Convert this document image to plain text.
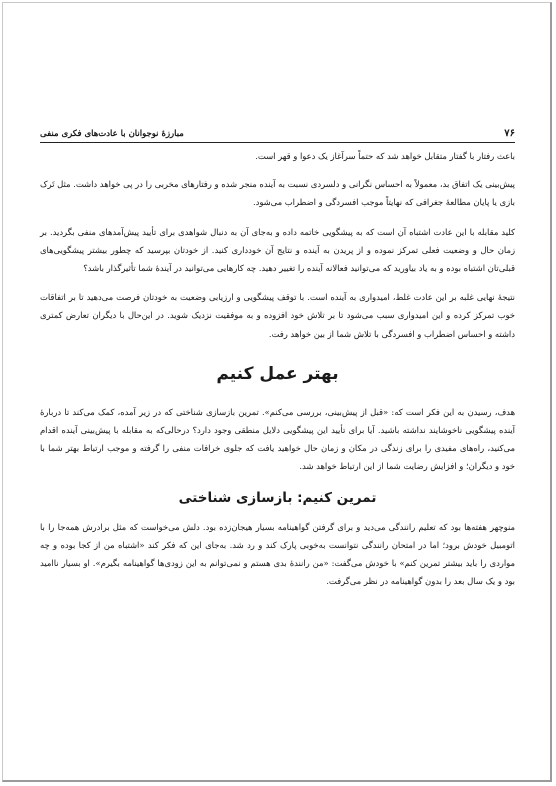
۷۶
مبارزهٔ نوجوانان با عادت‌های فکری منفی

باعث رفتار با گفتار متقابل خواهد شد که حتماً سرآغاز یک دعوا و قهر است.

پیش‌بینی یک اتفاق بد، معمولاً به احساس نگرانی و دلسردی نسبت به آینده منجر شده و رفتارهای مخربی را در پی خواهد داشت. مثل تَرک بازی یا پایان مطالعهٔ جغرافی که نهایتاً موجب افسردگی و اضطراب می‌شود.

کلید مقابله با این عادت اشتباه آن است که به پیشگویی خاتمه داده و به‌جای آن به دنبال شواهدی برای تأیید پیش‌آمدهای منفی بگردید. بر زمان حال و وضعیت فعلی تمرکز نموده و از پریدن به آینده و نتایج آن خودداری کنید. از خودتان بپرسید که چطور بیشتر پیشگویی‌های قبلی‌تان اشتباه بوده و به یاد بیاورید که می‌توانید فعالانه آینده را تغییر دهید. چه کارهایی می‌توانید در آیندهٔ شما تأثیرگذار باشد؟

نتیجهٔ نهایی غلبه بر این عادت غلط، امیدواری به آینده است. با توقف پیشگویی و ارزیابی وضعیت به خودتان فرصت می‌دهید تا بر اتفاقات خوب تمرکز کرده و این امیدواری سبب می‌شود تا بر تلاش خود افزوده و به موفقیت نزدیک شوید. در این‌حال با دیگران تعارض کمتری داشته و احساس اضطراب و افسردگی با تلاش شما از بین خواهد رفت.

بهتر عمل کنیم

هدف، رسیدن به این فکر است که: «قبل از پیش‌بینی، بررسی می‌کنم». تمرین بازسازی شناختی که در زیر آمده، کمک می‌کند تا دربارهٔ آینده پیشگویی ناخوشایند نداشته باشید. آیا برای تأیید این پیشگویی دلایل منطقی وجود دارد؟ درحالی‌که به مقابله با پیش‌بینی آینده اقدام می‌کنید، راه‌های مفیدی را برای زندگی در مکان و زمان حال خواهید یافت که جلوی خرافات منفی را گرفته و موجب ارتباط بهتر شما با خود و دیگران؛ و افزایش رضایت شما از این ارتباط خواهد شد.

تمرین کنیم: بازسازی شناختی

منوچهر هفته‌ها بود که تعلیم رانندگی می‌دید و برای گرفتن گواهینامه بسیار هیجان‌زده بود. دلش می‌خواست که مثل برادرش همه‌جا را با اتومبیل خودش برود؛ اما در امتحان رانندگی نتوانست به‌خوبی پارک کند و رد شد. به‌جای این که فکر کند «اشتباه من از کجا بوده و چه مواردی را باید بیشتر تمرین کنم» با خودش می‌گفت: «من رانندهٔ بدی هستم و نمی‌توانم به این زودی‌ها گواهینامه بگیرم». او بسیار ناامید بود و یک سال بعد را بدون گواهینامه در نظر می‌گرفت.
